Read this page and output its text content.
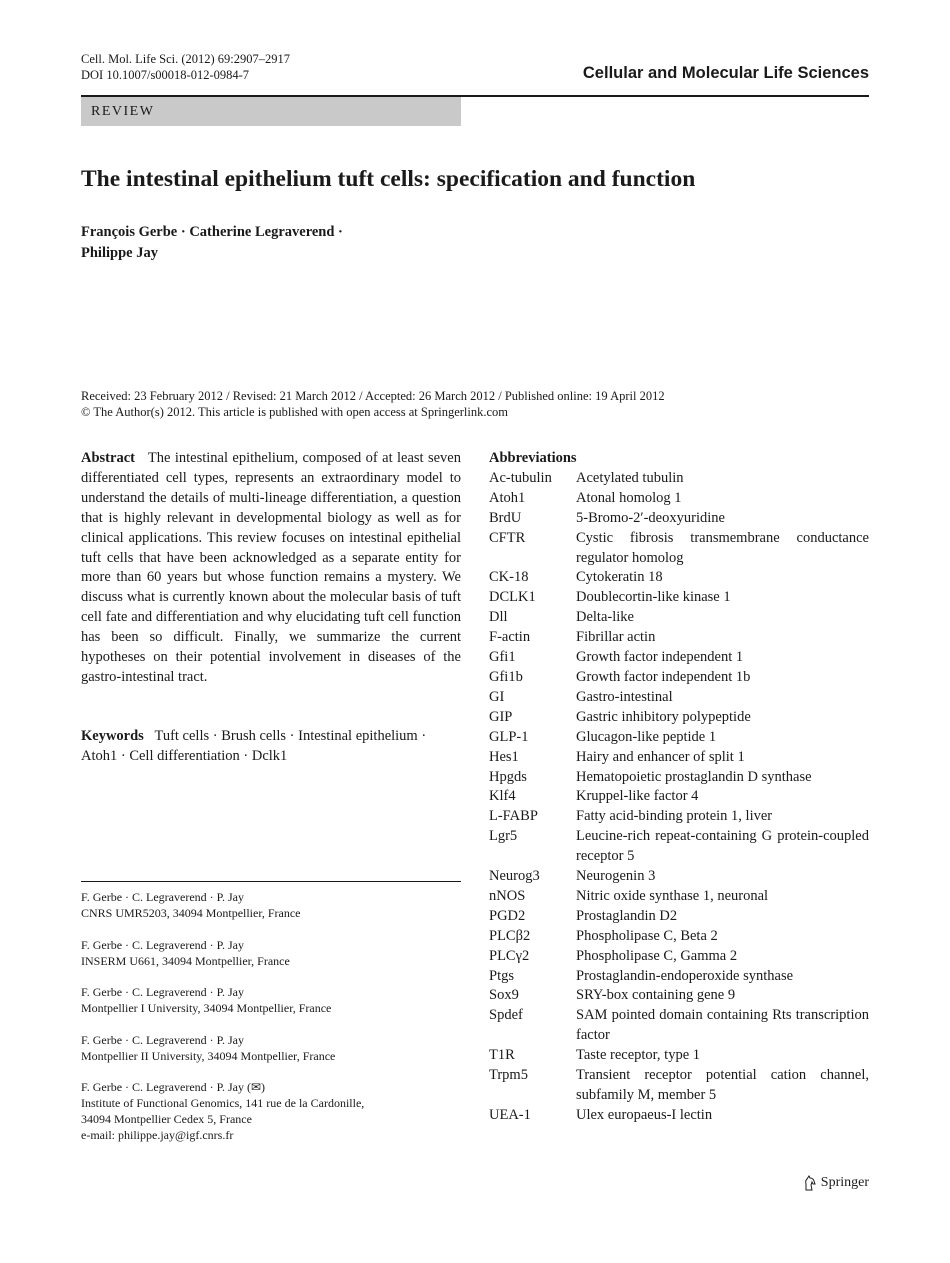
Cell. Mol. Life Sci. (2012) 69:2907–2917
DOI 10.1007/s00018-012-0984-7	Cellular and Molecular Life Sciences
REVIEW
The intestinal epithelium tuft cells: specification and function
François Gerbe · Catherine Legraverend ·
Philippe Jay
Received: 23 February 2012 / Revised: 21 March 2012 / Accepted: 26 March 2012 / Published online: 19 April 2012
© The Author(s) 2012. This article is published with open access at Springerlink.com
Abstract The intestinal epithelium, composed of at least seven differentiated cell types, represents an extraordinary model to understand the details of multi-lineage differentiation, a question that is highly relevant in developmental biology as well as for clinical applications. This review focuses on intestinal epithelial tuft cells that have been acknowledged as a separate entity for more than 60 years but whose function remains a mystery. We discuss what is currently known about the molecular basis of tuft cell fate and differentiation and why elucidating tuft cell function has been so difficult. Finally, we summarize the current hypotheses on their potential involvement in diseases of the gastro-intestinal tract.
Keywords Tuft cells · Brush cells · Intestinal epithelium · Atoh1 · Cell differentiation · Dclk1
F. Gerbe · C. Legraverend · P. Jay
CNRS UMR5203, 34094 Montpellier, France
F. Gerbe · C. Legraverend · P. Jay
INSERM U661, 34094 Montpellier, France
F. Gerbe · C. Legraverend · P. Jay
Montpellier I University, 34094 Montpellier, France
F. Gerbe · C. Legraverend · P. Jay
Montpellier II University, 34094 Montpellier, France
F. Gerbe · C. Legraverend · P. Jay (✉)
Institute of Functional Genomics, 141 rue de la Cardonille,
34094 Montpellier Cedex 5, France
e-mail: philippe.jay@igf.cnrs.fr
Abbreviations
Ac-tubulin	Acetylated tubulin
Atoh1	Atonal homolog 1
BrdU	5-Bromo-2′-deoxyuridine
CFTR	Cystic fibrosis transmembrane conductance regulator homolog
CK-18	Cytokeratin 18
DCLK1	Doublecortin-like kinase 1
Dll	Delta-like
F-actin	Fibrillar actin
Gfi1	Growth factor independent 1
Gfi1b	Growth factor independent 1b
GI	Gastro-intestinal
GIP	Gastric inhibitory polypeptide
GLP-1	Glucagon-like peptide 1
Hes1	Hairy and enhancer of split 1
Hpgds	Hematopoietic prostaglandin D synthase
Klf4	Kruppel-like factor 4
L-FABP	Fatty acid-binding protein 1, liver
Lgr5	Leucine-rich repeat-containing G protein-coupled receptor 5
Neurog3	Neurogenin 3
nNOS	Nitric oxide synthase 1, neuronal
PGD2	Prostaglandin D2
PLCβ2	Phospholipase C, Beta 2
PLCγ2	Phospholipase C, Gamma 2
Ptgs	Prostaglandin-endoperoxide synthase
Sox9	SRY-box containing gene 9
Spdef	SAM pointed domain containing Rts transcription factor
T1R	Taste receptor, type 1
Trpm5	Transient receptor potential cation channel, subfamily M, member 5
UEA-1	Ulex europaeus-I lectin
Springer
